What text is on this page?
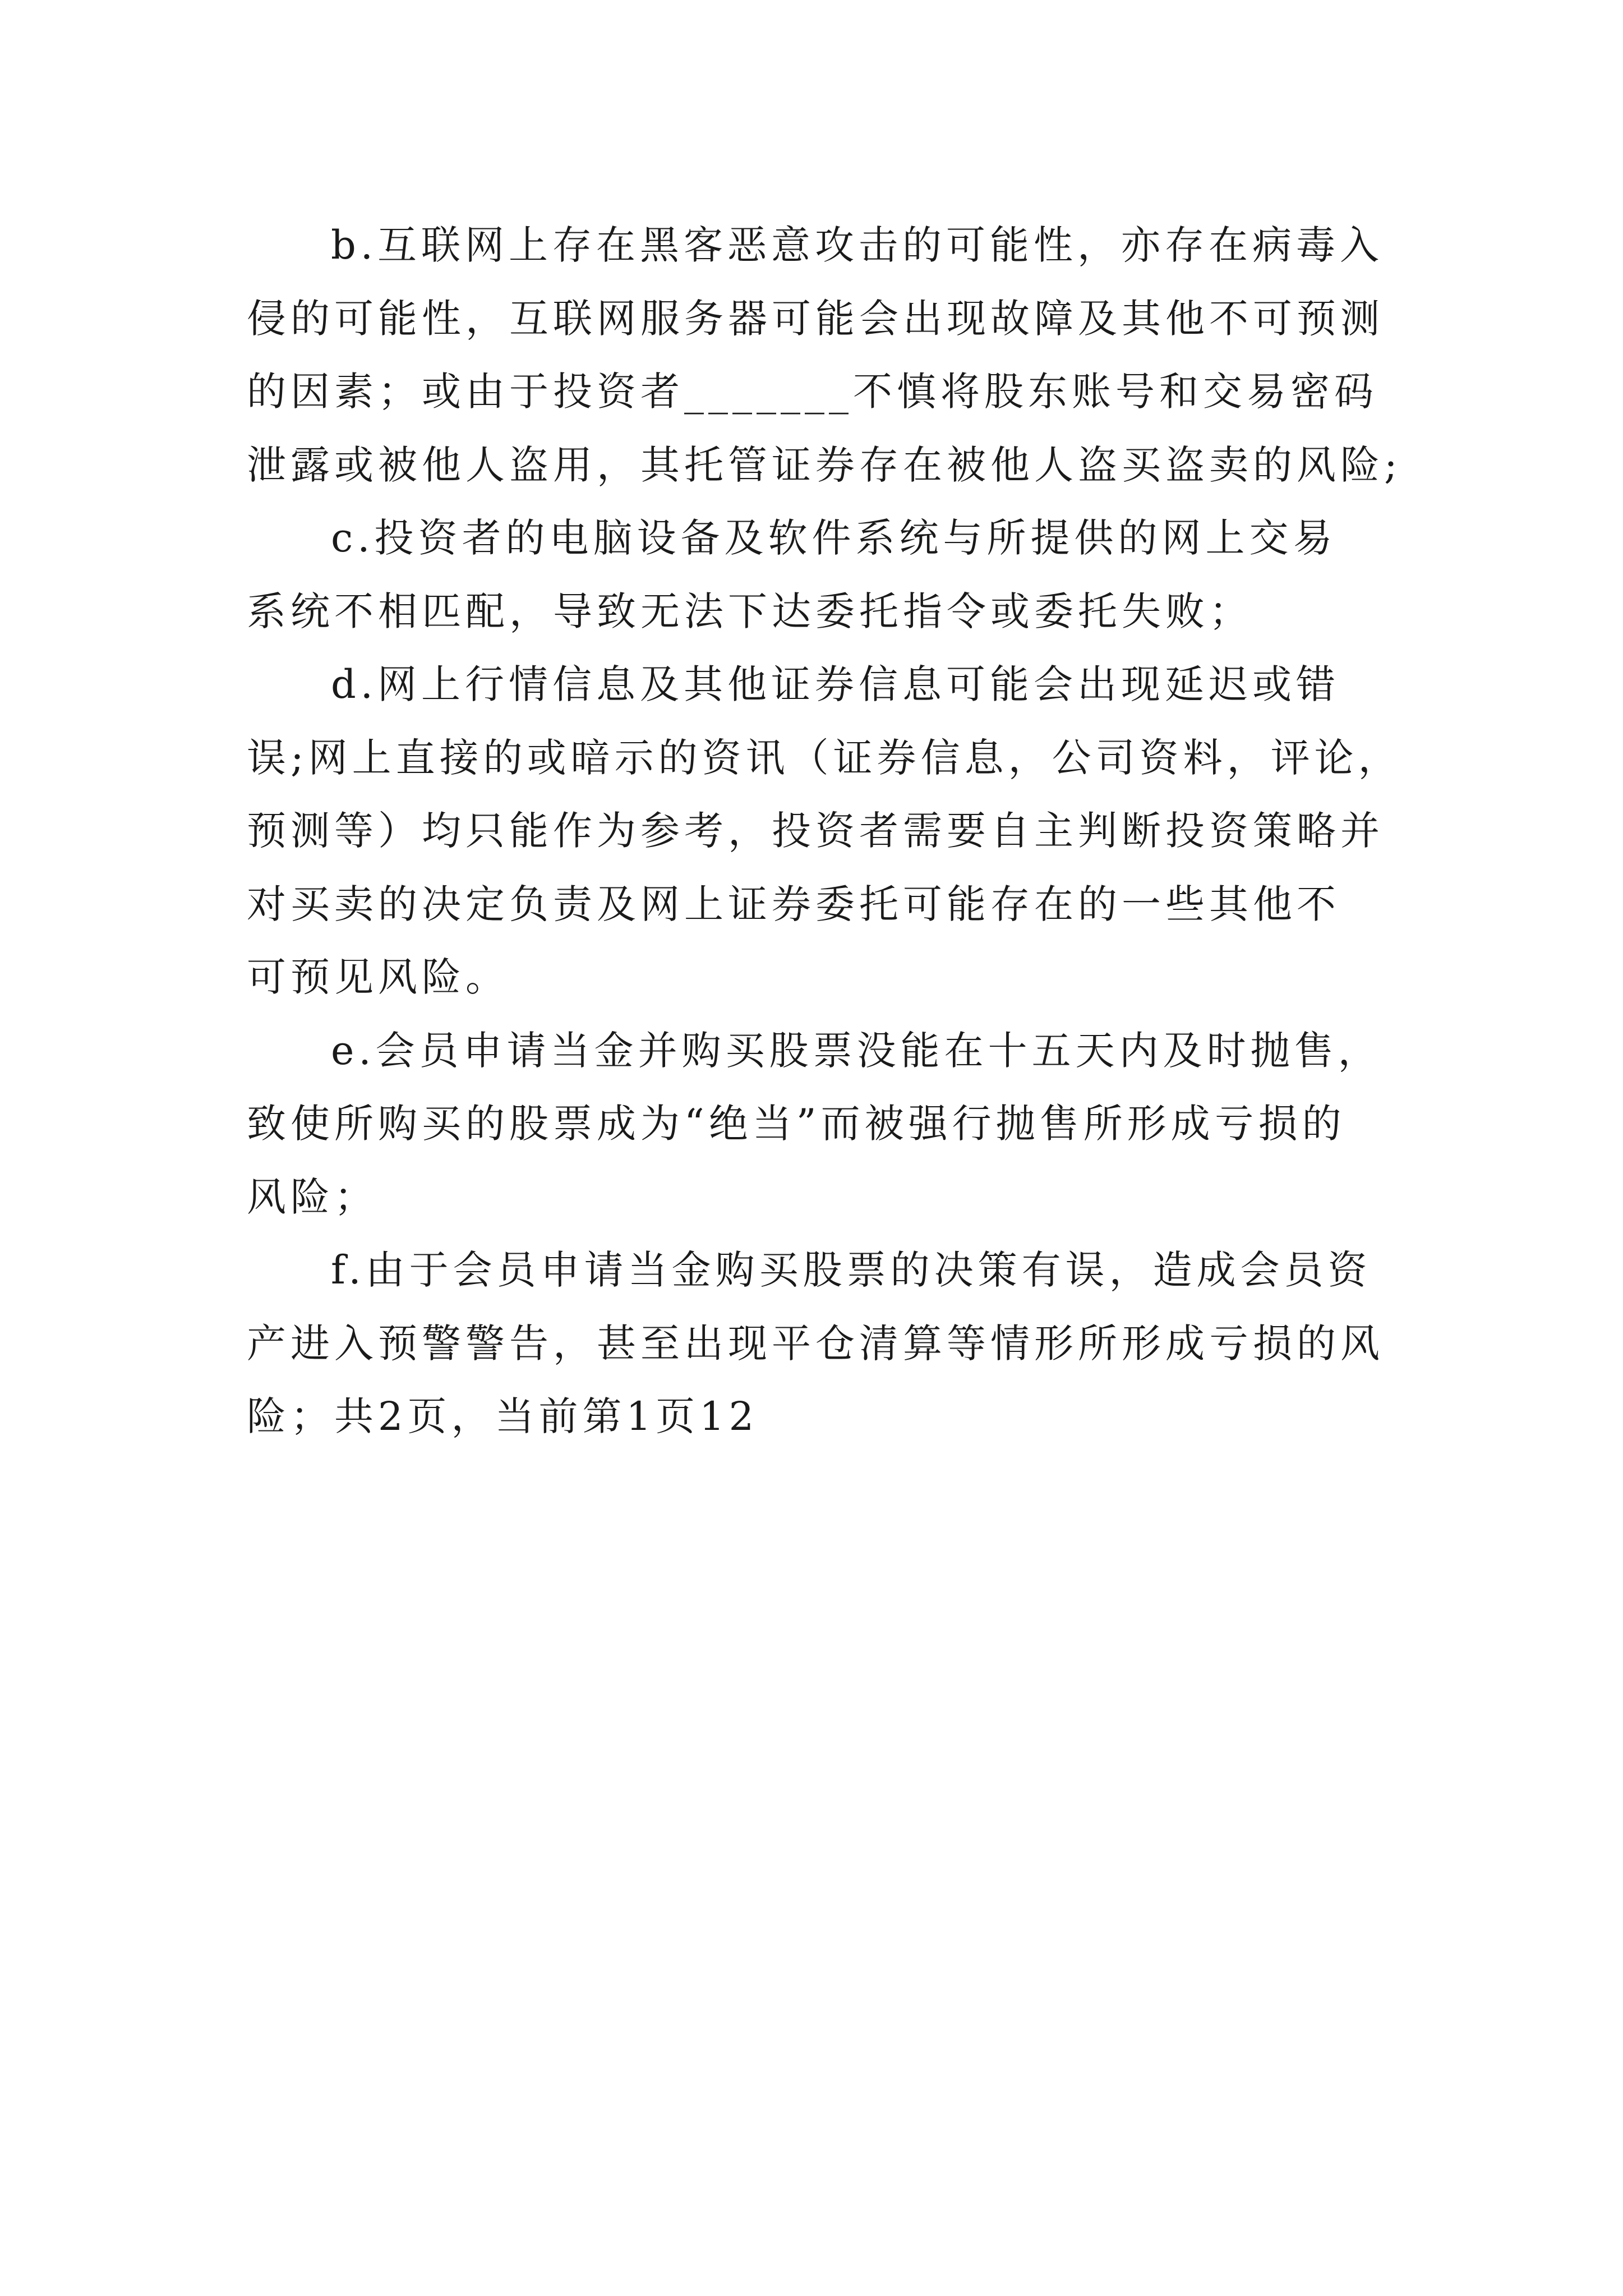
b.互联网上存在黑客恶意攻击的可能性，亦存在病毒入
侵的可能性，互联网服务器可能会出现故障及其他不可预测
的因素；或由于投资者_______不慎将股东账号和交易密码
泄露或被他人盗用，其托管证券存在被他人盗买盗卖的风险;
c.投资者的电脑设备及软件系统与所提供的网上交易
系统不相匹配，导致无法下达委托指令或委托失败；
d.网上行情信息及其他证券信息可能会出现延迟或错
误;网上直接的或暗示的资讯（证券信息，公司资料，评论，
预测等）均只能作为参考，投资者需要自主判断投资策略并
对买卖的决定负责及网上证券委托可能存在的一些其他不
可预见风险。
e.会员申请当金并购买股票没能在十五天内及时抛售，
致使所购买的股票成为“绝当”而被强行抛售所形成亏损的
风险；
f.由于会员申请当金购买股票的决策有误，造成会员资
产进入预警警告，甚至出现平仓清算等情形所形成亏损的风
险；共2页，当前第1页12
